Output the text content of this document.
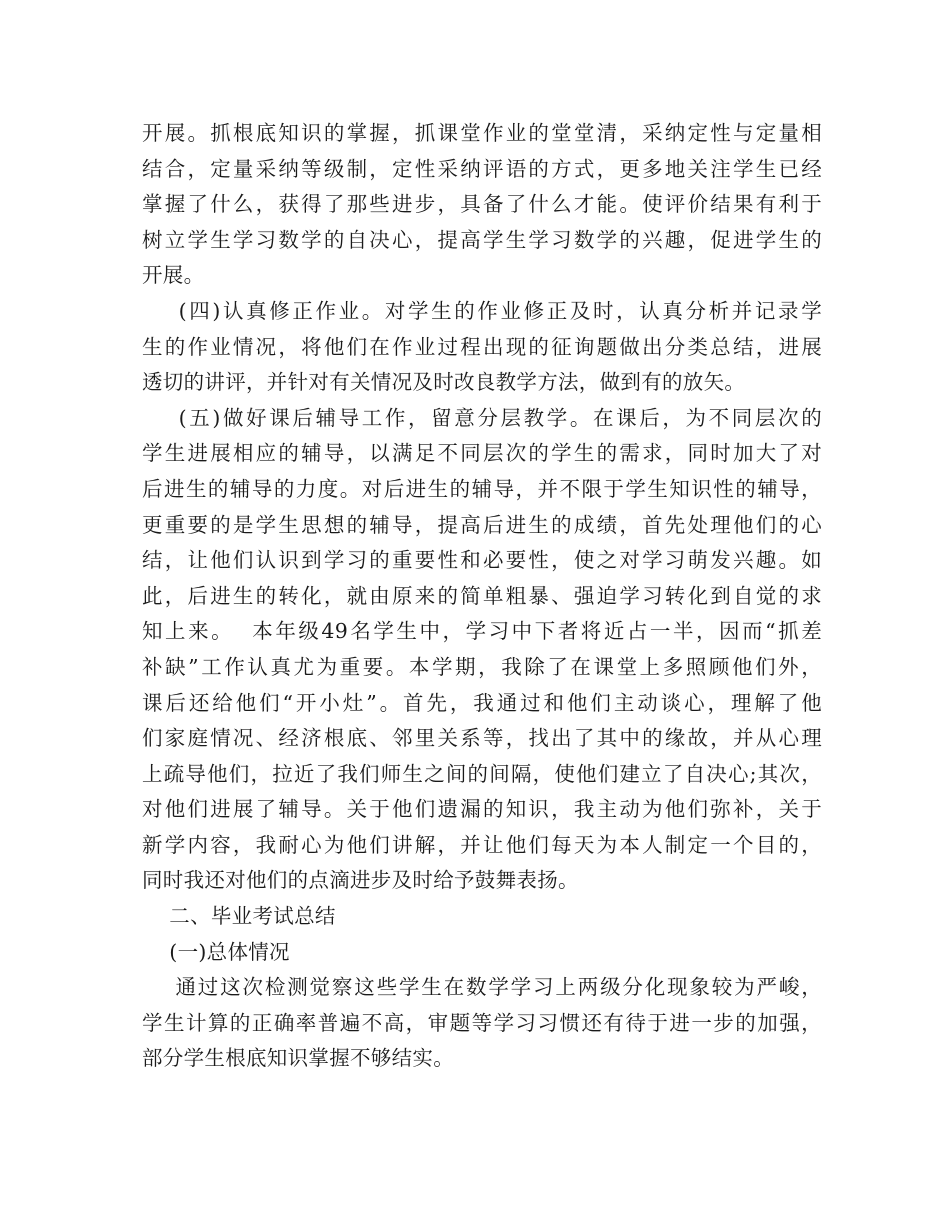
开展。抓根底知识的掌握，抓课堂作业的堂堂清，采纳定性与定量相
结合，定量采纳等级制，定性采纳评语的方式，更多地关注学生已经
掌握了什么，获得了那些进步，具备了什么才能。使评价结果有利于
树立学生学习数学的自决心，提高学生学习数学的兴趣，促进学生的
开展。
(四)认真修正作业。对学生的作业修正及时，认真分析并记录学
生的作业情况，将他们在作业过程出现的征询题做出分类总结，进展
透切的讲评，并针对有关情况及时改良教学方法，做到有的放矢。
(五)做好课后辅导工作，留意分层教学。在课后，为不同层次的
学生进展相应的辅导，以满足不同层次的学生的需求，同时加大了对
后进生的辅导的力度。对后进生的辅导，并不限于学生知识性的辅导，
更重要的是学生思想的辅导，提高后进生的成绩，首先处理他们的心
结，让他们认识到学习的重要性和必要性，使之对学习萌发兴趣。如
此，后进生的转化，就由原来的简单粗暴、强迫学习转化到自觉的求
知上来。  本年级49名学生中，学习中下者将近占一半，因而“抓差
补缺”工作认真尤为重要。本学期，我除了在课堂上多照顾他们外，
课后还给他们“开小灶”。首先，我通过和他们主动谈心，理解了他
们家庭情况、经济根底、邻里关系等，找出了其中的缘故，并从心理
上疏导他们，拉近了我们师生之间的间隔，使他们建立了自决心;其次，
对他们进展了辅导。关于他们遗漏的知识，我主动为他们弥补，关于
新学内容，我耐心为他们讲解，并让他们每天为本人制定一个目的，
同时我还对他们的点滴进步及时给予鼓舞表扬。
二、毕业考试总结
(一)总体情况
通过这次检测觉察这些学生在数学学习上两级分化现象较为严峻，
学生计算的正确率普遍不高，审题等学习习惯还有待于进一步的加强，
部分学生根底知识掌握不够结实。
